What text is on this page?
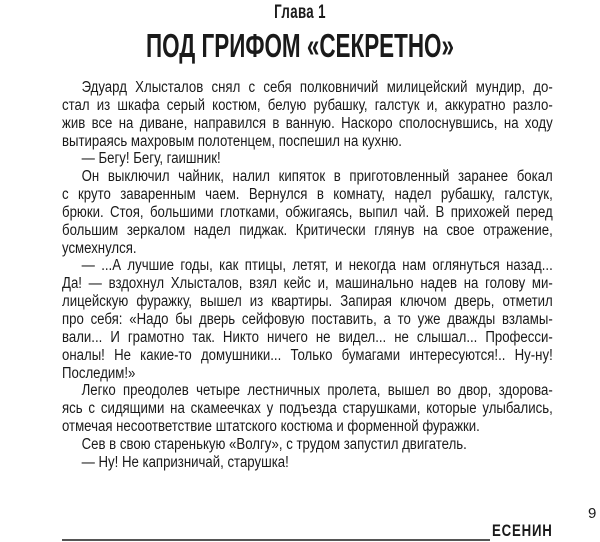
Глава 1
ПОД ГРИФОМ «СЕКРЕТНО»
Эдуард Хлысталов снял с себя полковничий милицейский мундир, до-
стал из шкафа серый костюм, белую рубашку, галстук и, аккуратно разло-
жив все на диване, направился в ванную. Наскоро сполоснувшись, на ходу
вытираясь махровым полотенцем, поспешил на кухню.
— Бегу! Бегу, гаишник!
Он выключил чайник, налил кипяток в приготовленный заранее бокал
с круто заваренным чаем. Вернулся в комнату, надел рубашку, галстук,
брюки. Стоя, большими глотками, обжигаясь, выпил чай. В прихожей перед
большим зеркалом надел пиджак. Критически глянув на свое отражение,
усмехнулся.
— ...А лучшие годы, как птицы, летят, и некогда нам оглянуться назад...
Да! — вздохнул Хлысталов, взял кейс и, машинально надев на голову ми-
лицейскую фуражку, вышел из квартиры. Запирая ключом дверь, отметил
про себя: «Надо бы дверь сейфовую поставить, а то уже дважды взламы-
вали... И грамотно так. Никто ничего не видел... не слышал... Професси-
оналы! Не какие-то домушники... Только бумагами интересуются!.. Ну-ну!
Последим!»
Легко преодолев четыре лестничных пролета, вышел во двор, здорова-
ясь с сидящими на скамеечках у подъезда старушками, которые улыбались,
отмечая несоответствие штатского костюма и форменной фуражки.
Сев в свою старенькую «Волгу», с трудом запустил двигатель.
— Ну! Не капризничай, старушка!
9
ЕСЕНИН
